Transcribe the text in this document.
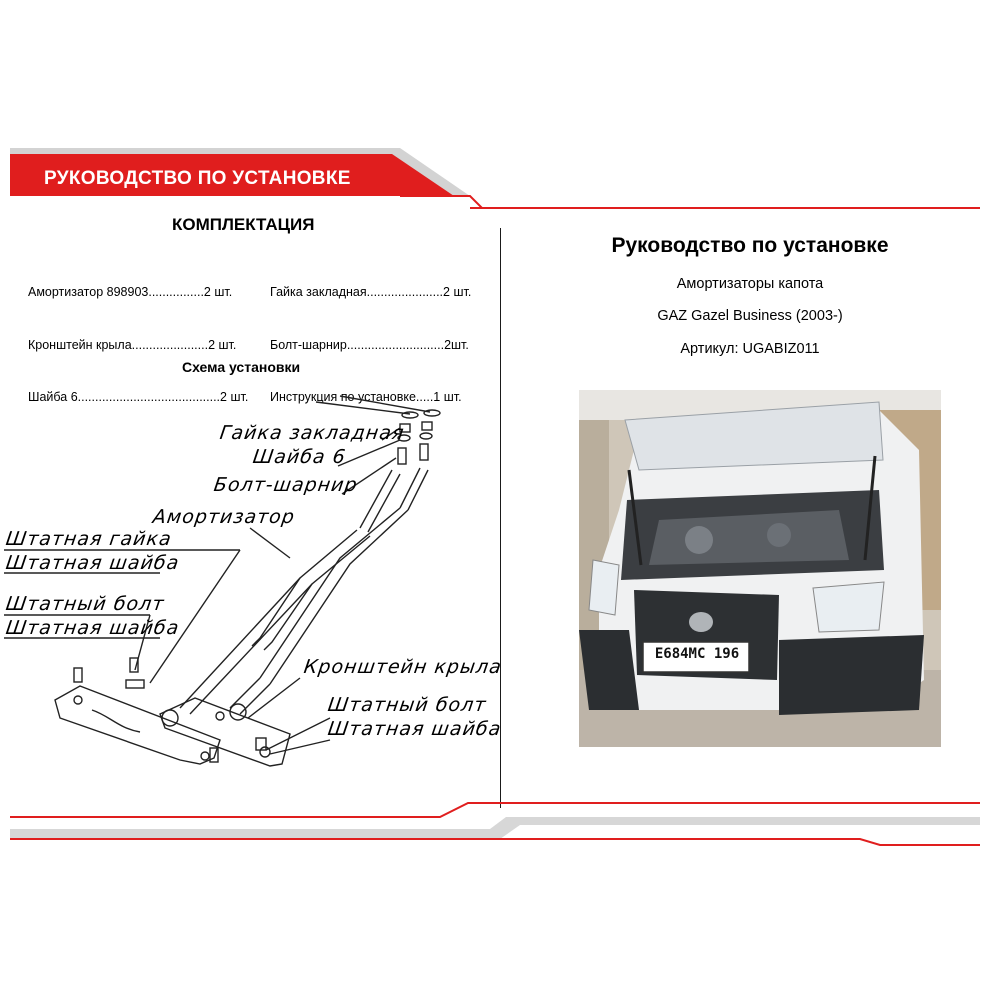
РУКОВОДСТВО ПО УСТАНОВКЕ
КОМПЛЕКТАЦИЯ

Амортизатор 898903................2 шт.

Кронштейн крыла......................2 шт.

Шайба 6.........................................2 шт.

Гайка закладная......................2 шт.

Болт-шарнир............................2шт.

Инструкция по установке.....1 шт.

Схема установки
Гайка закладная
Шайба 6
Болт-шарнир
Амортизатор
Штатная гайка
Штатная шайба
Штатный болт
Штатная шайба
Кронштейн крыла
Штатный болт
Штатная шайба
Руководство по установке
Амортизаторы капота
GAZ Gazel Business (2003-)
Артикул: UGABIZ011
Е684МС 196
